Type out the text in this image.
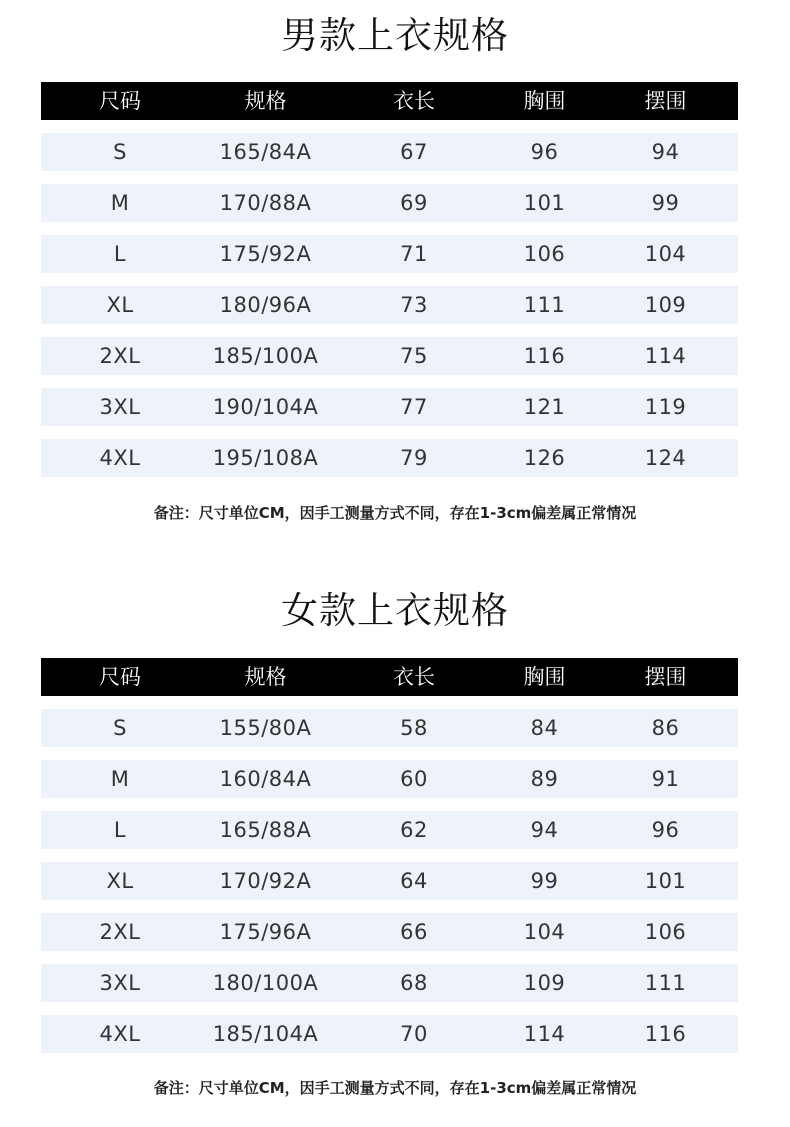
男款上衣规格
尺码	规格	衣长	胸围	摆围
S	165/84A	67	96	94
M	170/88A	69	101	99
L	175/92A	71	106	104
XL	180/96A	73	111	109
2XL	185/100A	75	116	114
3XL	190/104A	77	121	119
4XL	195/108A	79	126	124
备注：尺寸单位CM，因手工测量方式不同，存在1-3cm偏差属正常情况
女款上衣规格
尺码	规格	衣长	胸围	摆围
S	155/80A	58	84	86
M	160/84A	60	89	91
L	165/88A	62	94	96
XL	170/92A	64	99	101
2XL	175/96A	66	104	106
3XL	180/100A	68	109	111
4XL	185/104A	70	114	116
备注：尺寸单位CM，因手工测量方式不同，存在1-3cm偏差属正常情况
